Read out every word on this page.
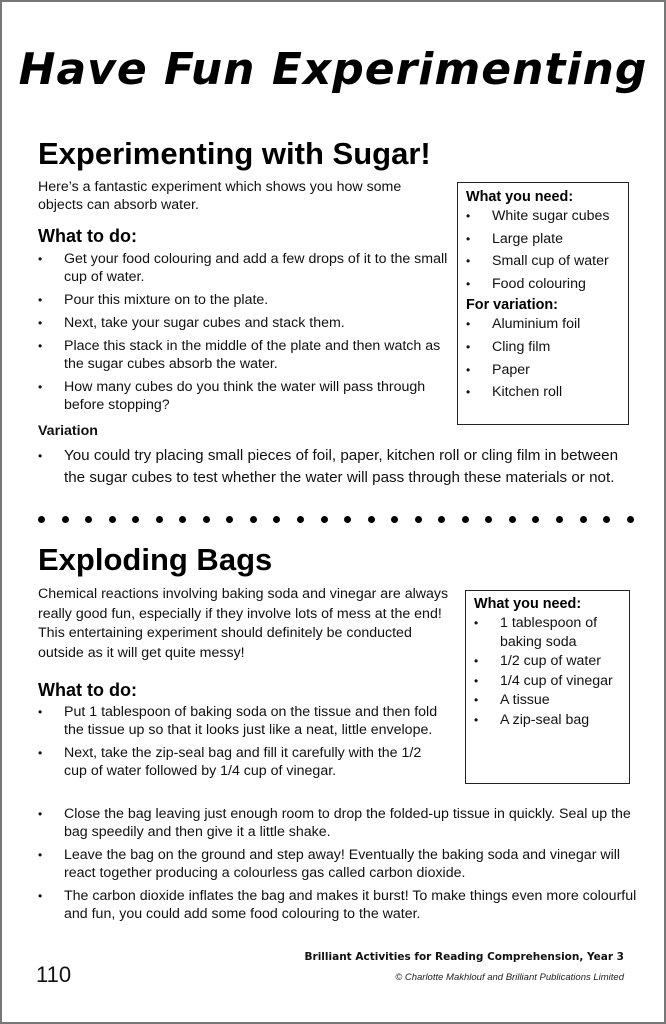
Have Fun Experimenting
Experimenting with Sugar!

Here’s a fantastic experiment which shows you how some objects can absorb water.

What to do:
• Get your food colouring and add a few drops of it to the small cup of water.
• Pour this mixture on to the plate.
• Next, take your sugar cubes and stack them.
• Place this stack in the middle of the plate and then watch as the sugar cubes absorb the water.
• How many cubes do you think the water will pass through before stopping?
Variation
• You could try placing small pieces of foil, paper, kitchen roll or cling film in between the sugar cubes to test whether the water will pass through these materials or not.
What you need:
• White sugar cubes
• Large plate
• Small cup of water
• Food colouring
For variation:
• Aluminium foil
• Cling film
• Paper
• Kitchen roll
Exploding Bags

Chemical reactions involving baking soda and vinegar are always really good fun, especially if they involve lots of mess at the end! This entertaining experiment should definitely be conducted outside as it will get quite messy!

What to do:
• Put 1 tablespoon of baking soda on the tissue and then fold the tissue up so that it looks just like a neat, little envelope.
• Next, take the zip-seal bag and fill it carefully with the 1/2 cup of water followed by 1/4 cup of vinegar.
• Close the bag leaving just enough room to drop the folded-up tissue in quickly. Seal up the bag speedily and then give it a little shake.
• Leave the bag on the ground and step away! Eventually the baking soda and vinegar will react together producing a colourless gas called carbon dioxide.
• The carbon dioxide inflates the bag and makes it burst! To make things even more colourful and fun, you could add some food colouring to the water.
What you need:
• 1 tablespoon of baking soda
• 1/2 cup of water
• 1/4 cup of vinegar
• A tissue
• A zip-seal bag
Brilliant Activities for Reading Comprehension, Year 3
© Charlotte Makhlouf and Brilliant Publications Limited
110
